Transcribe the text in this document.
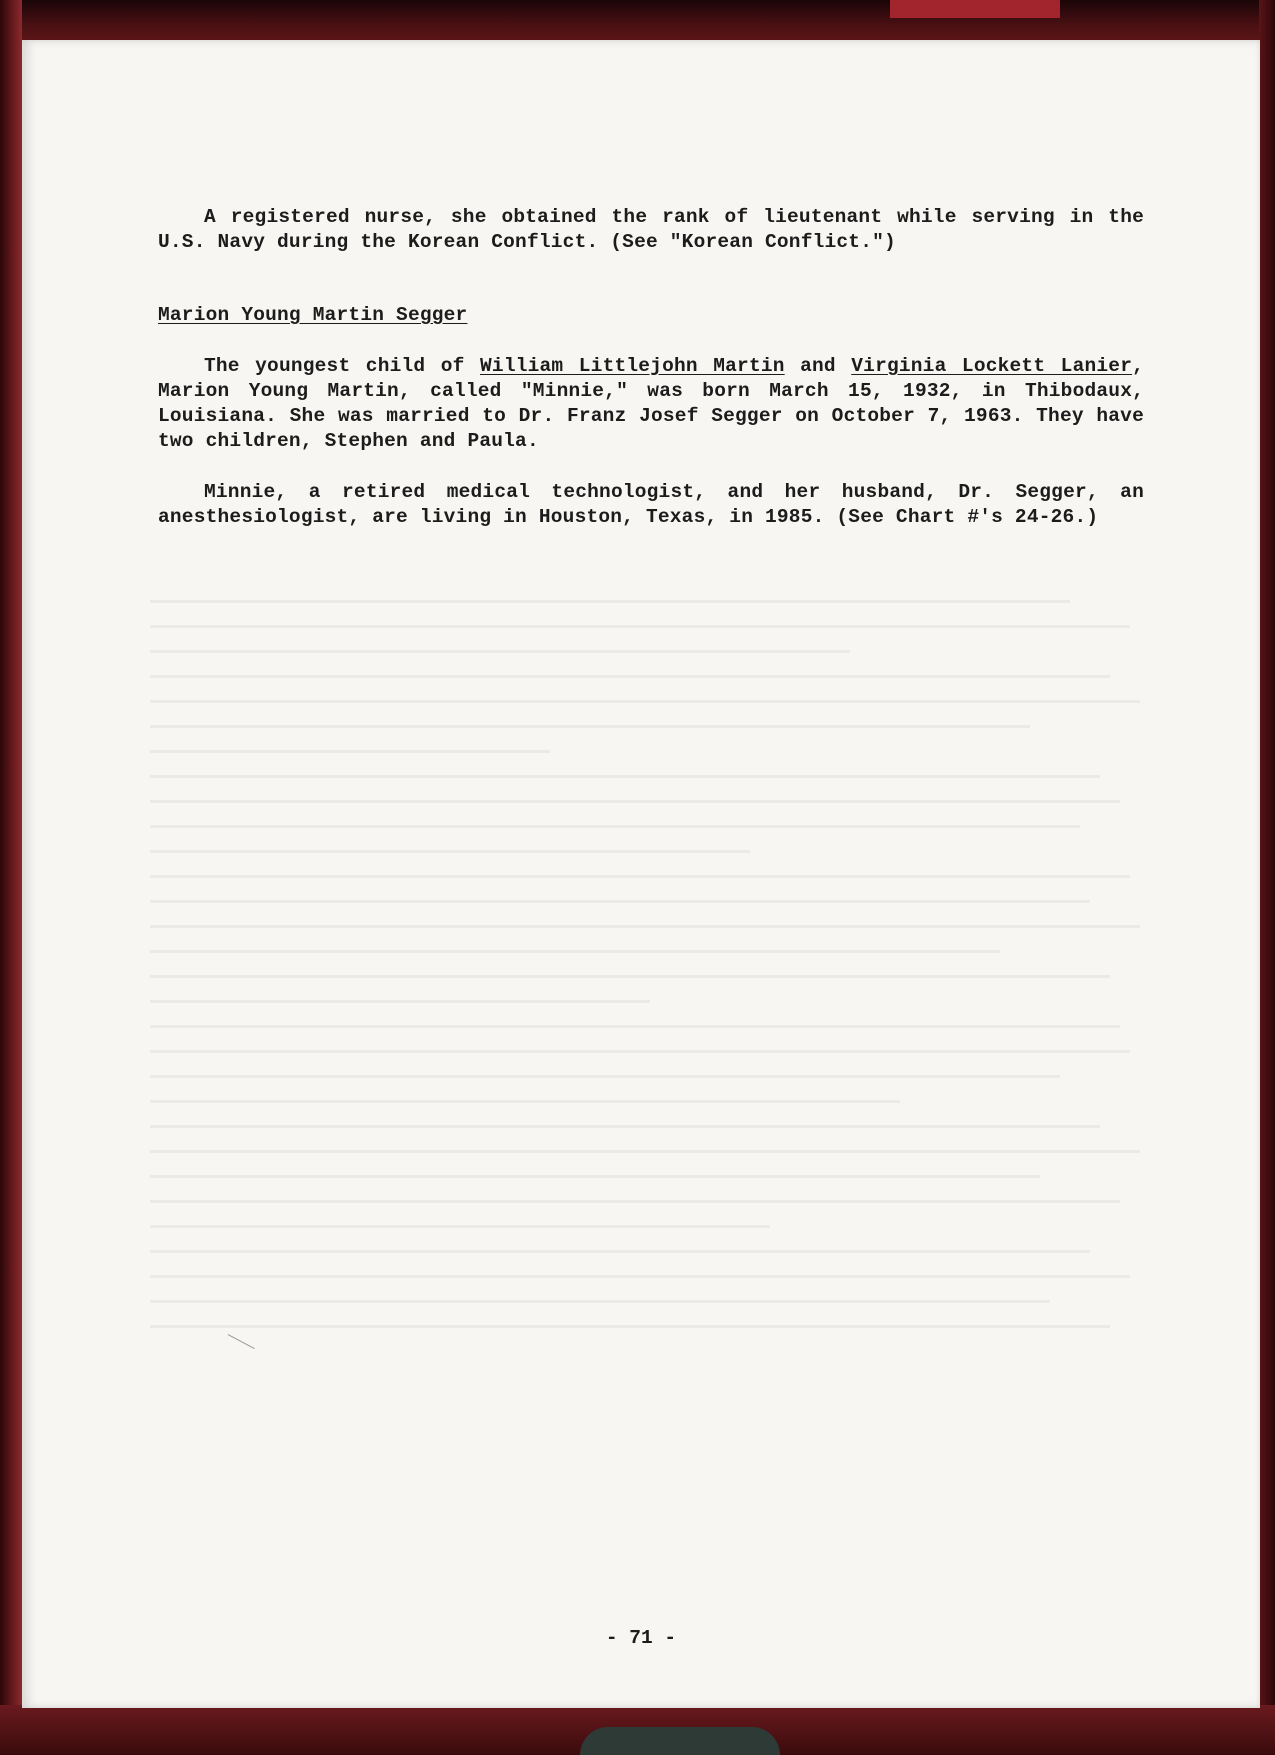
A registered nurse, she obtained the rank of lieutenant while serving in the U.S. Navy during the Korean Conflict. (See "Korean Conflict.")
Marion Young Martin Segger
The youngest child of William Littlejohn Martin and Virginia Lockett Lanier, Marion Young Martin, called "Minnie," was born March 15, 1932, in Thibodaux, Louisiana. She was married to Dr. Franz Josef Segger on October 7, 1963. They have two children, Stephen and Paula.
Minnie, a retired medical technologist, and her husband, Dr. Segger, an anesthesiologist, are living in Houston, Texas, in 1985. (See Chart #'s 24-26.)
- 71 -
